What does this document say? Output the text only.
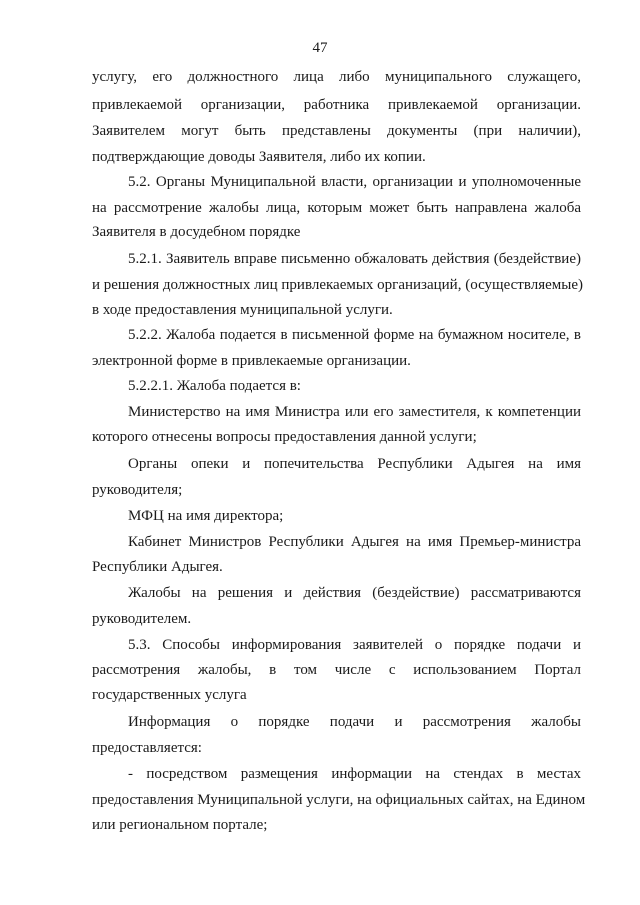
47
услугу, его должностного лица либо муниципального служащего,
привлекаемой организации, работника привлекаемой организации.
Заявителем могут быть представлены документы (при наличии),
подтверждающие доводы Заявителя, либо их копии.
5.2. Органы Муниципальной власти, организации и уполномоченные
на рассмотрение жалобы лица, которым может быть направлена жалоба
Заявителя в досудебном порядке
5.2.1. Заявитель вправе письменно обжаловать действия (бездействие)
и решения должностных лиц привлекаемых организаций, (осуществляемые)
в ходе предоставления муниципальной услуги.
5.2.2. Жалоба подается в письменной форме на бумажном носителе, в
электронной форме в привлекаемые организации.
5.2.2.1. Жалоба подается в:
Министерство на имя Министра или его заместителя, к компетенции
которого отнесены вопросы предоставления данной услуги;
Органы опеки и попечительства Республики Адыгея на имя
руководителя;
МФЦ на имя директора;
Кабинет Министров Республики Адыгея на имя Премьер-министра
Республики Адыгея.
Жалобы на решения и действия (бездействие) рассматриваются
руководителем.
5.3. Способы информирования заявителей о порядке подачи и
рассмотрения жалобы, в том числе с использованием Портал
государственных услуга
Информация о порядке подачи и рассмотрения жалобы
предоставляется:
- посредством размещения информации на стендах в местах
предоставления Муниципальной услуги, на официальных сайтах, на Едином
или региональном портале;
